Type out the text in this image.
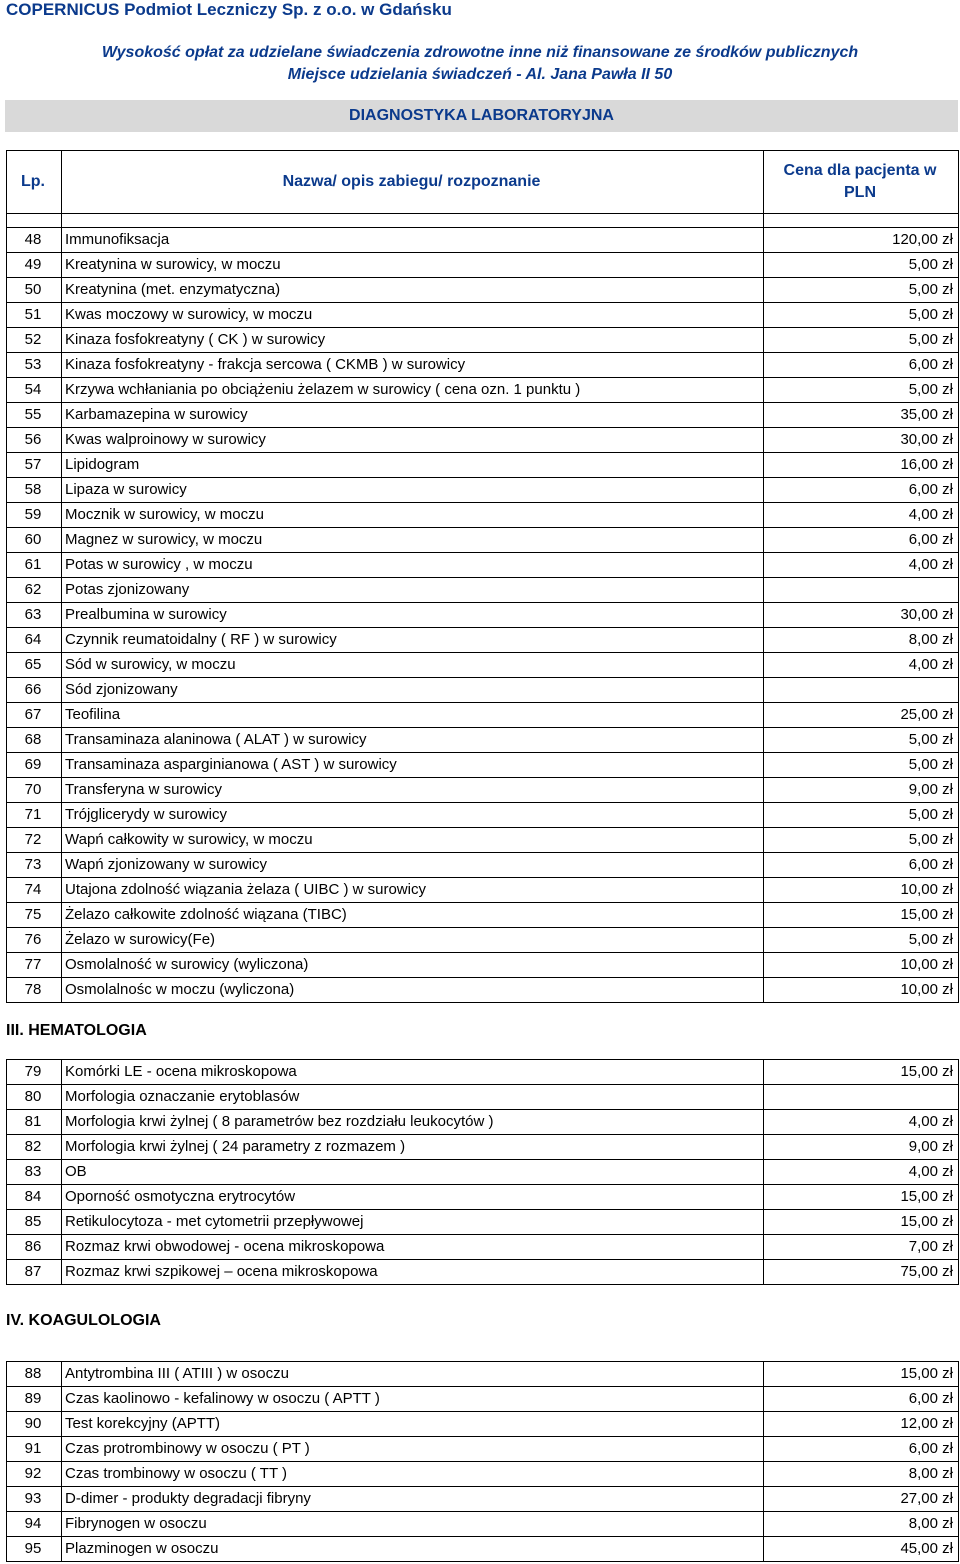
COPERNICUS Podmiot Leczniczy Sp. z o.o. w Gdańsku
Wysokość opłat za udzielane świadczenia zdrowotne inne niż finansowane ze środków publicznych
Miejsce udzielania świadczeń - Al. Jana Pawła II 50
DIAGNOSTYKA LABORATORYJNA
Lp.	Nazwa/ opis zabiegu/ rozpoznanie	Cena dla pacjenta w PLN

48	Immunofiksacja	120,00 zł
49	Kreatynina w surowicy, w moczu	5,00 zł
50	Kreatynina (met. enzymatyczna)	5,00 zł
51	Kwas moczowy w surowicy, w moczu	5,00 zł
52	Kinaza fosfokreatyny ( CK ) w surowicy	5,00 zł
53	Kinaza fosfokreatyny - frakcja sercowa ( CKMB ) w surowicy	6,00 zł
54	Krzywa wchłaniania po obciążeniu żelazem w surowicy ( cena ozn. 1 punktu )	5,00 zł
55	Karbamazepina w surowicy	35,00 zł
56	Kwas walproinowy w surowicy	30,00 zł
57	Lipidogram	16,00 zł
58	Lipaza w surowicy	6,00 zł
59	Mocznik w surowicy, w moczu	4,00 zł
60	Magnez w surowicy, w moczu	6,00 zł
61	Potas w surowicy , w moczu	4,00 zł
62	Potas zjonizowany	
63	Prealbumina w surowicy	30,00 zł
64	Czynnik reumatoidalny ( RF ) w surowicy	8,00 zł
65	Sód w surowicy, w moczu	4,00 zł
66	Sód zjonizowany	
67	Teofilina	25,00 zł
68	Transaminaza alaninowa ( ALAT ) w surowicy	5,00 zł
69	Transaminaza asparginianowa ( AST ) w surowicy	5,00 zł
70	Transferyna w surowicy	9,00 zł
71	Trójglicerydy w surowicy	5,00 zł
72	Wapń całkowity w surowicy, w moczu	5,00 zł
73	Wapń zjonizowany w surowicy	6,00 zł
74	Utajona zdolność wiązania żelaza ( UIBC ) w surowicy	10,00 zł
75	Żelazo całkowite zdolność wiązana (TIBC)	15,00 zł
76	Żelazo w surowicy(Fe)	5,00 zł
77	Osmolalność w surowicy (wyliczona)	10,00 zł
78	Osmolalnośc w moczu (wyliczona)	10,00 zł
III. HEMATOLOGIA
79	Komórki LE - ocena mikroskopowa	15,00 zł
80	Morfologia oznaczanie erytoblasów	
81	Morfologia krwi żylnej ( 8 parametrów bez rozdziału leukocytów )	4,00 zł
82	Morfologia krwi żylnej ( 24 parametry z rozmazem )	9,00 zł
83	OB	4,00 zł
84	Oporność osmotyczna erytrocytów	15,00 zł
85	Retikulocytoza - met cytometrii przepływowej	15,00 zł
86	Rozmaz krwi obwodowej - ocena mikroskopowa	7,00 zł
87	Rozmaz krwi szpikowej – ocena mikroskopowa	75,00 zł
IV. KOAGULOLOGIA
88	Antytrombina III ( ATIII ) w osoczu	15,00 zł
89	Czas kaolinowo - kefalinowy w osoczu ( APTT )	6,00 zł
90	Test korekcyjny (APTT)	12,00 zł
91	Czas protrombinowy w osoczu ( PT )	6,00 zł
92	Czas trombinowy w osoczu ( TT )	8,00 zł
93	D-dimer - produkty degradacji fibryny	27,00 zł
94	Fibrynogen w osoczu	8,00 zł
95	Plazminogen w osoczu	45,00 zł
